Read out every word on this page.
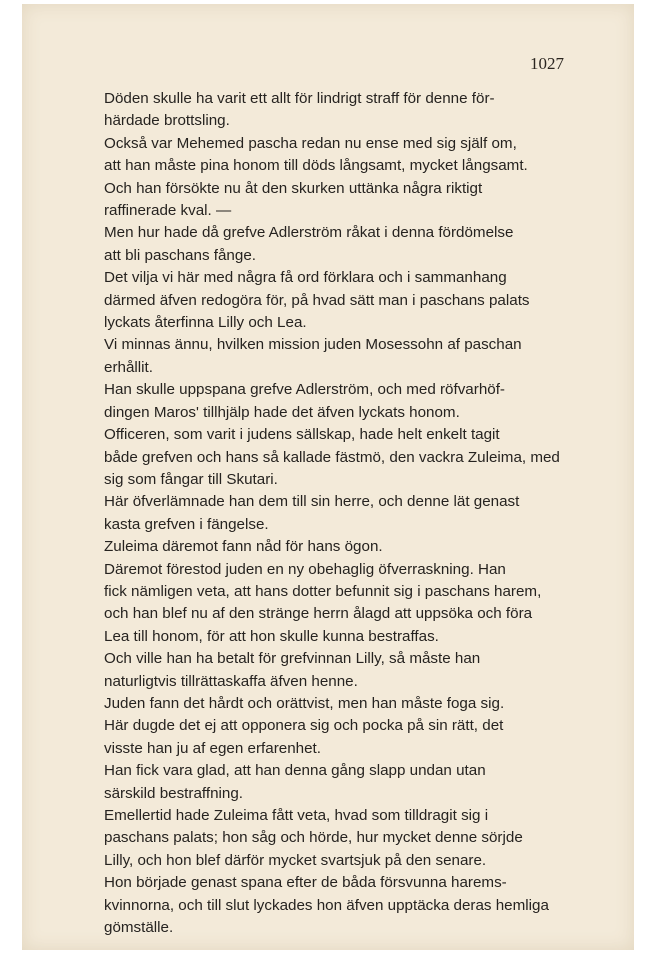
1027

Döden skulle ha varit ett allt för lindrigt straff för denne för-
härdade brottsling.

Också var Mehemed pascha redan nu ense med sig själf om,
att han måste pina honom till döds långsamt, mycket långsamt.

Och han försökte nu åt den skurken uttänka några riktigt
raffinerade kval. —

Men hur hade då grefve Adlerström råkat i denna fördömelse
att bli paschans fånge.

Det vilja vi här med några få ord förklara och i sammanhang
därmed äfven redogöra för, på hvad sätt man i paschans palats
lyckats återfinna Lilly och Lea.

Vi minnas ännu, hvilken mission juden Mosessohn af paschan
erhållit.

Han skulle uppspana grefve Adlerström, och med röfvarhöf-
dingen Maros' tillhjälp hade det äfven lyckats honom.

Officeren, som varit i judens sällskap, hade helt enkelt tagit
både grefven och hans så kallade fästmö, den vackra Zuleima, med
sig som fångar till Skutari.

Här öfverlämnade han dem till sin herre, och denne lät genast
kasta grefven i fängelse.

Zuleima däremot fann nåd för hans ögon.

Däremot förestod juden en ny obehaglig öfverraskning. Han
fick nämligen veta, att hans dotter befunnit sig i paschans harem,
och han blef nu af den stränge herrn ålagd att uppsöka och föra
Lea till honom, för att hon skulle kunna bestraffas.

Och ville han ha betalt för grefvinnan Lilly, så måste han
naturligtvis tillrättaskaffa äfven henne.

Juden fann det hårdt och orättvist, men han måste foga sig.

Här dugde det ej att opponera sig och pocka på sin rätt, det
visste han ju af egen erfarenhet.

Han fick vara glad, att han denna gång slapp undan utan
särskild bestraffning.

Emellertid hade Zuleima fått veta, hvad som tilldragit sig i
paschans palats; hon såg och hörde, hur mycket denne sörjde
Lilly, och hon blef därför mycket svartsjuk på den senare.

Hon började genast spana efter de båda försvunna harems-
kvinnorna, och till slut lyckades hon äfven upptäcka deras hemliga
gömställe.
